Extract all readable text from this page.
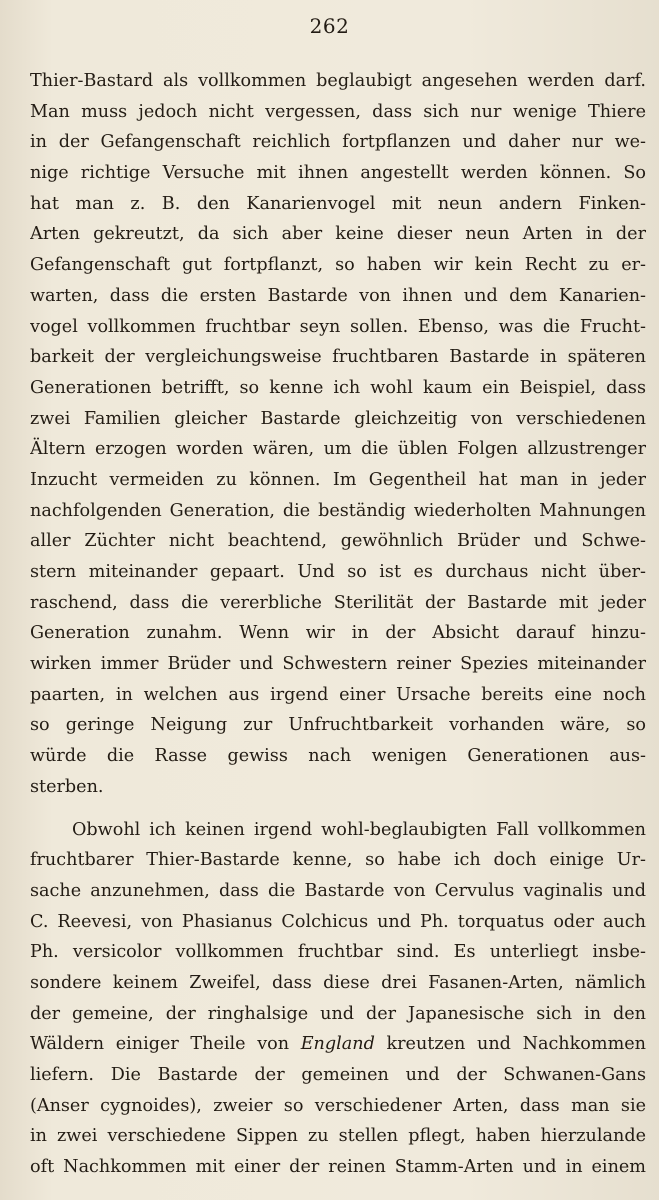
262
Thier-Bastard als vollkommen beglaubigt angesehen werden darf.
Man muss jedoch nicht vergessen, dass sich nur wenige Thiere
in der Gefangenschaft reichlich fortpflanzen und daher nur we-
nige richtige Versuche mit ihnen angestellt werden können. So
hat man z. B. den Kanarienvogel mit neun andern Finken-
Arten gekreutzt, da sich aber keine dieser neun Arten in der
Gefangenschaft gut fortpflanzt, so haben wir kein Recht zu er-
warten, dass die ersten Bastarde von ihnen und dem Kanarien-
vogel vollkommen fruchtbar seyn sollen. Ebenso, was die Frucht-
barkeit der vergleichungsweise fruchtbaren Bastarde in späteren
Generationen betrifft, so kenne ich wohl kaum ein Beispiel, dass
zwei Familien gleicher Bastarde gleichzeitig von verschiedenen
Ältern erzogen worden wären, um die üblen Folgen allzustrenger
Inzucht vermeiden zu können. Im Gegentheil hat man in jeder
nachfolgenden Generation, die beständig wiederholten Mahnungen
aller Züchter nicht beachtend, gewöhnlich Brüder und Schwe-
stern miteinander gepaart. Und so ist es durchaus nicht über-
raschend, dass die vererbliche Sterilität der Bastarde mit jeder
Generation zunahm. Wenn wir in der Absicht darauf hinzu-
wirken immer Brüder und Schwestern reiner Spezies miteinander
paarten, in welchen aus irgend einer Ursache bereits eine noch
so geringe Neigung zur Unfruchtbarkeit vorhanden wäre, so
würde die Rasse gewiss nach wenigen Generationen aus-
sterben.
Obwohl ich keinen irgend wohl-beglaubigten Fall vollkommen
fruchtbarer Thier-Bastarde kenne, so habe ich doch einige Ur-
sache anzunehmen, dass die Bastarde von Cervulus vaginalis und
C. Reevesi, von Phasianus Colchicus und Ph. torquatus oder auch
Ph. versicolor vollkommen fruchtbar sind. Es unterliegt insbe-
sondere keinem Zweifel, dass diese drei Fasanen-Arten, nämlich
der gemeine, der ringhalsige und der Japanesische sich in den
Wäldern einiger Theile von England kreutzen und Nachkommen
liefern. Die Bastarde der gemeinen und der Schwanen-Gans
(Anser cygnoides), zweier so verschiedener Arten, dass man sie
in zwei verschiedene Sippen zu stellen pflegt, haben hierzulande
oft Nachkommen mit einer der reinen Stamm-Arten und in einem
